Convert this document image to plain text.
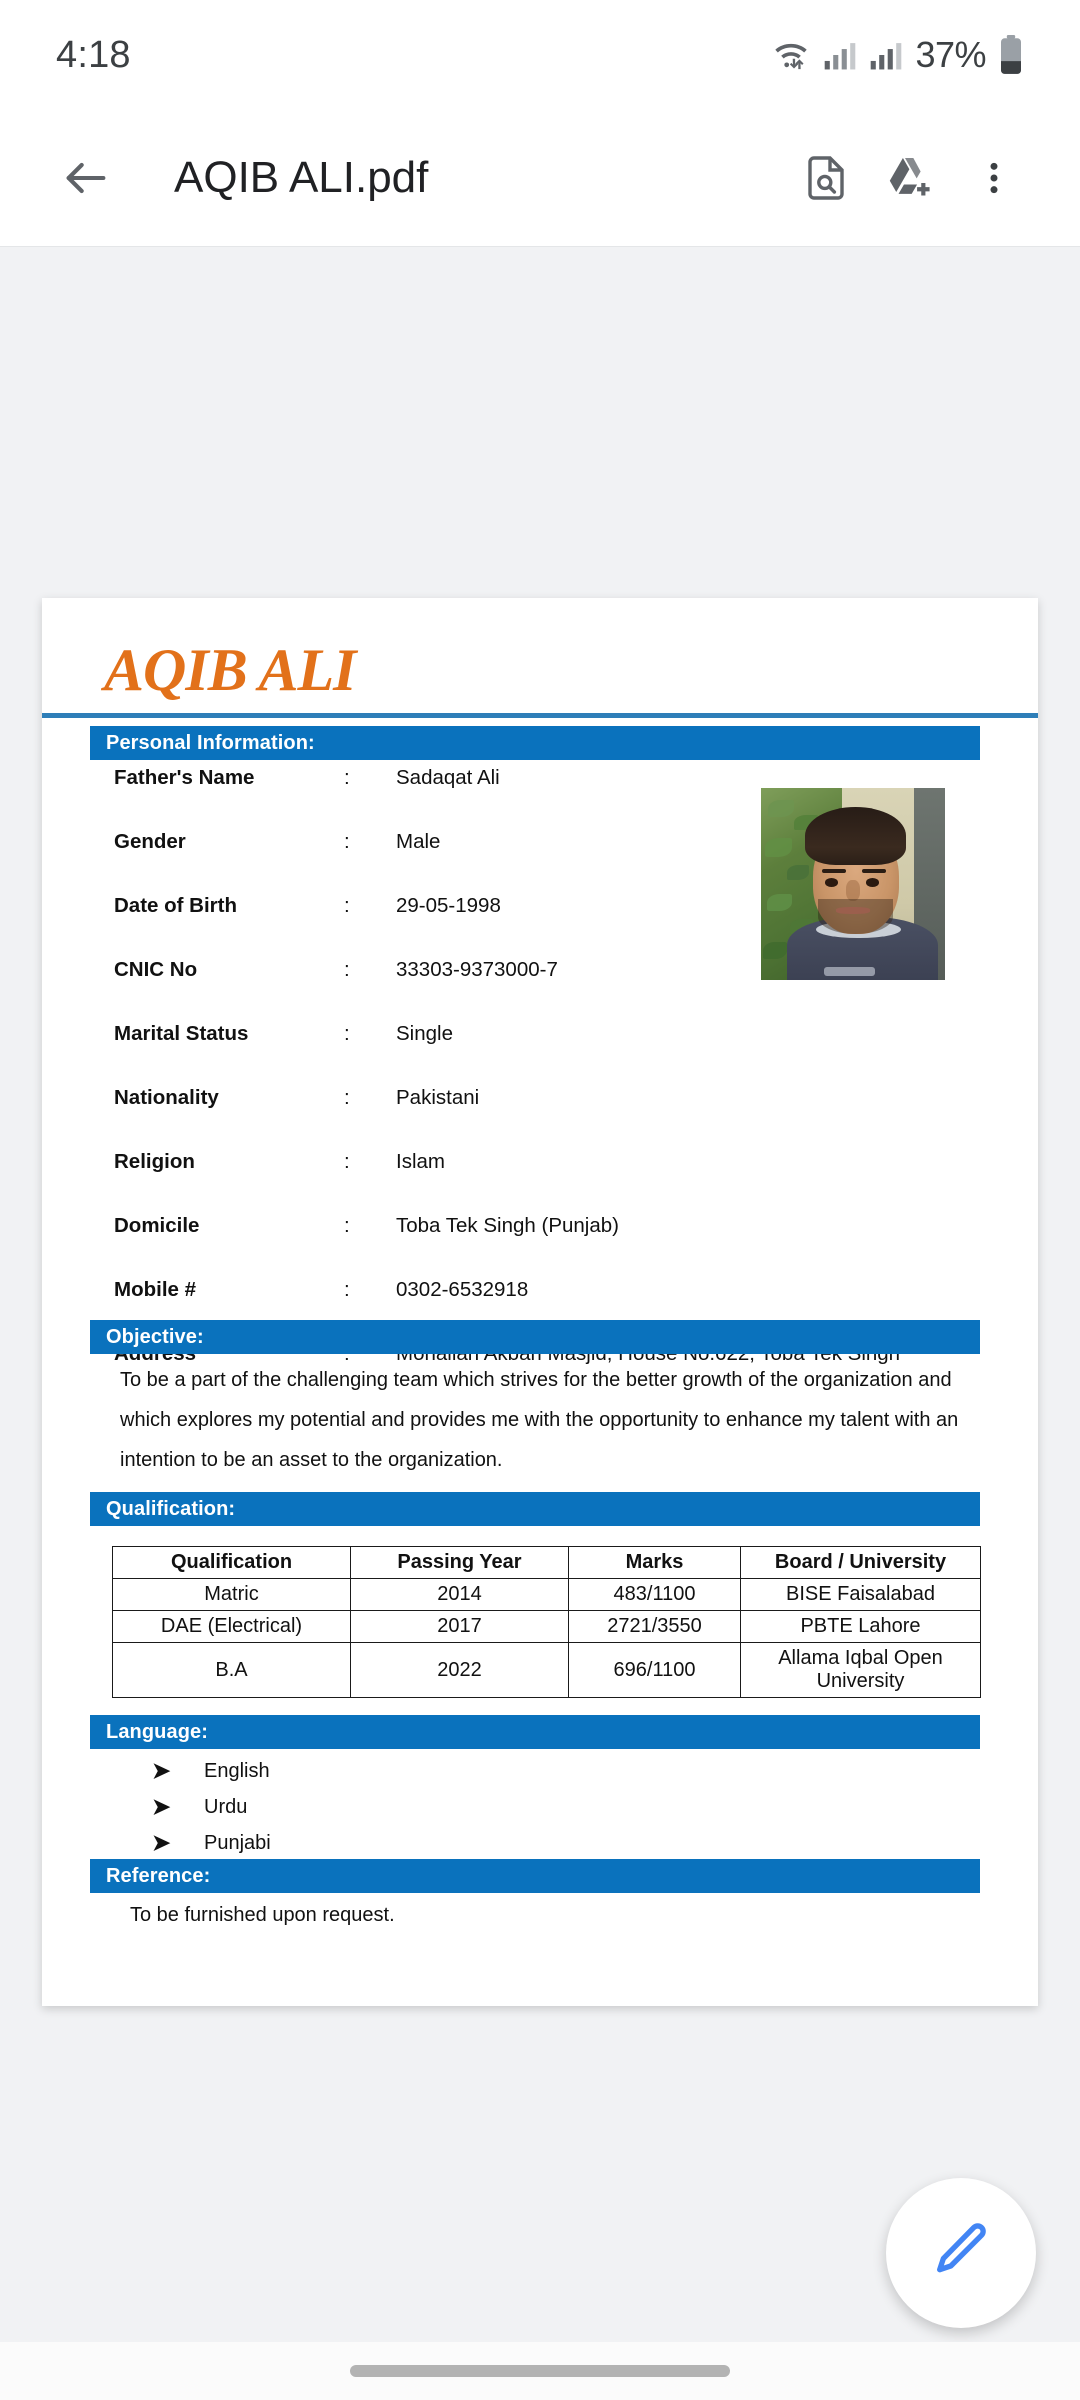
4:18	37%
AQIB ALI.pdf
AQIB ALI
Personal Information:
Father's Name	:	Sadaqat Ali
Gender	:	Male
Date of Birth	:	29-05-1998
CNIC No	:	33303-9373000-7
Marital Status	:	Single
Nationality	:	Pakistani
Religion	:	Islam
Domicile	:	Toba Tek Singh (Punjab)
Mobile #	:	0302-6532918
Objective:
To be a part of the challenging team which strives for the better growth of the organization and which explores my potential and provides me with the opportunity to enhance my talent with an intention to be an asset to the organization.
Qualification:
Qualification	Passing Year	Marks	Board / University
Matric	2014	483/1100	BISE Faisalabad
DAE (Electrical)	2017	2721/3550	PBTE Lahore
B.A	2022	696/1100	Allama Iqbal Open University
Language:
➤	English
➤	Urdu
➤	Punjabi
Reference:
To be furnished upon request.
